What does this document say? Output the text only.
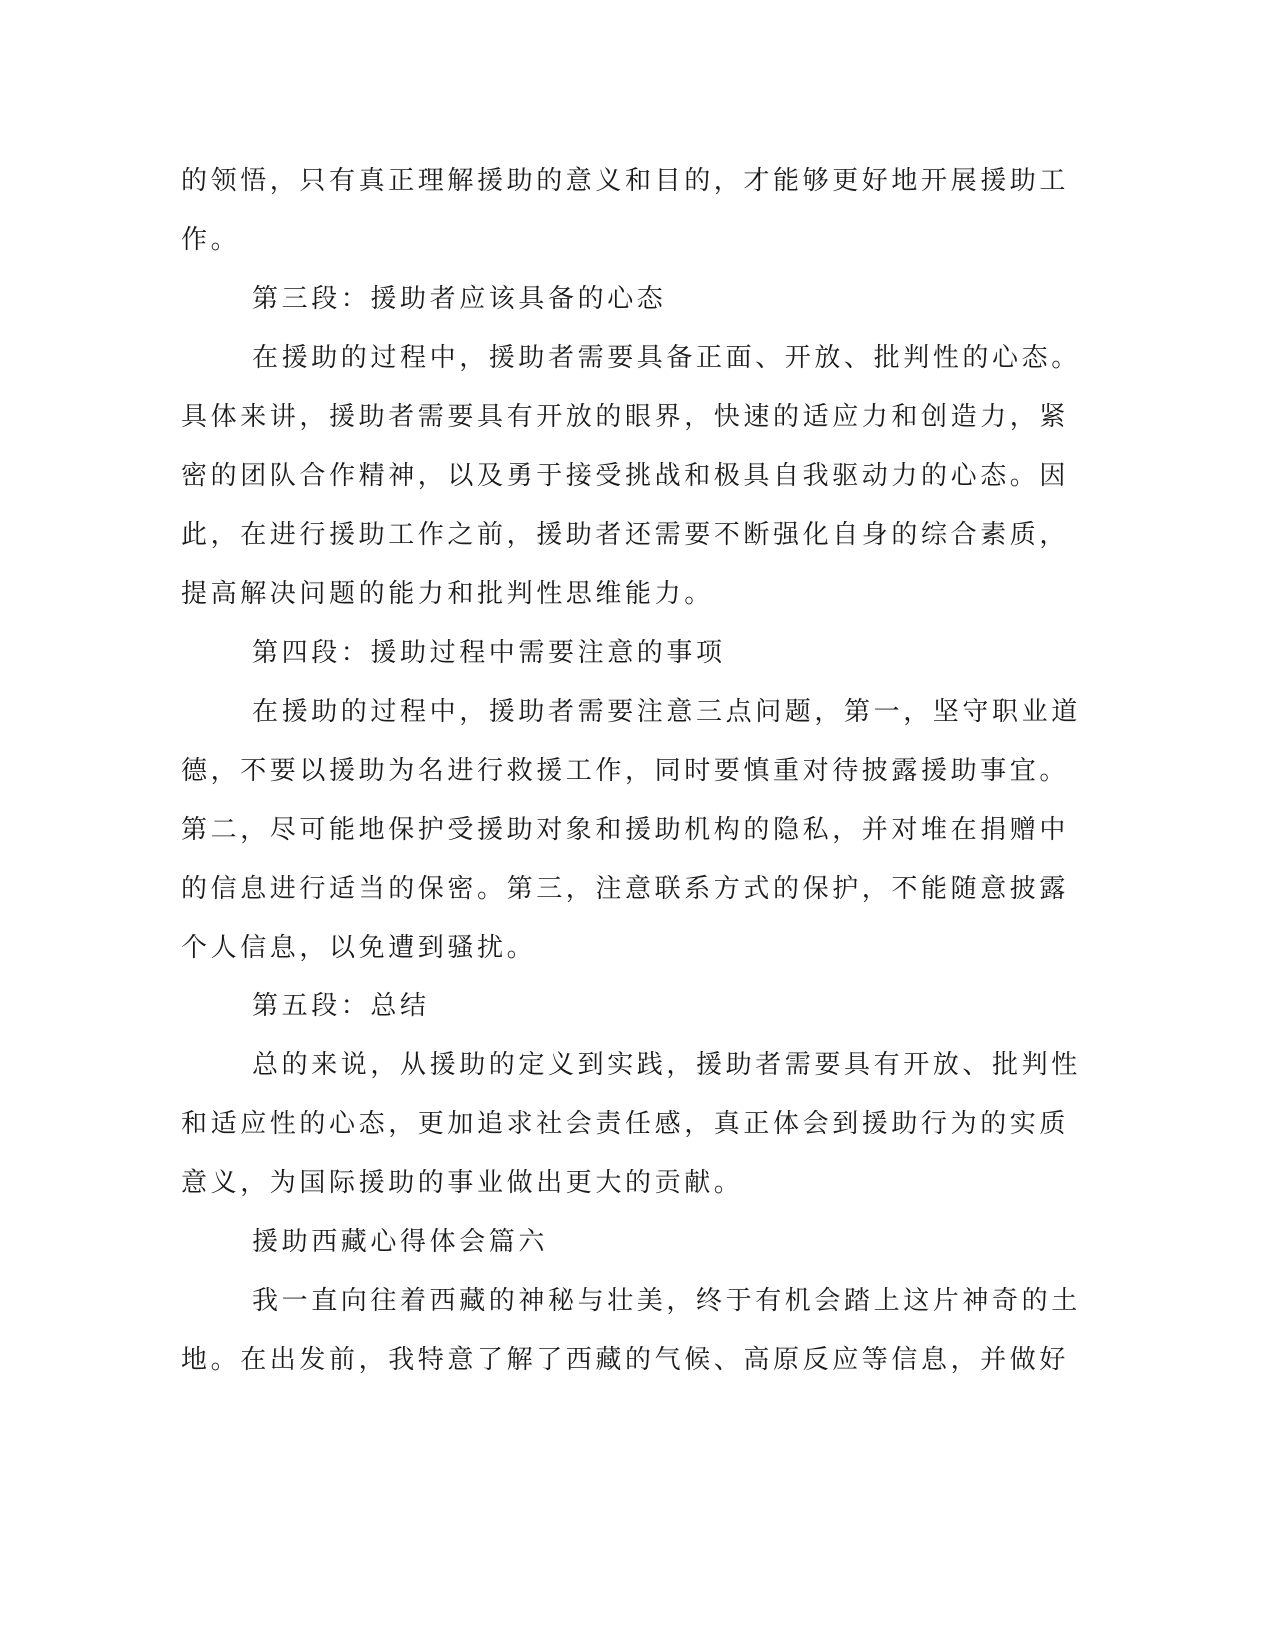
的领悟，只有真正理解援助的意义和目的，才能够更好地开展援助工
作。
第三段：援助者应该具备的心态
在援助的过程中，援助者需要具备正面、开放、批判性的心态。
具体来讲，援助者需要具有开放的眼界，快速的适应力和创造力，紧
密的团队合作精神，以及勇于接受挑战和极具自我驱动力的心态。因
此，在进行援助工作之前，援助者还需要不断强化自身的综合素质，
提高解决问题的能力和批判性思维能力。
第四段：援助过程中需要注意的事项
在援助的过程中，援助者需要注意三点问题，第一，坚守职业道
德，不要以援助为名进行救援工作，同时要慎重对待披露援助事宜。
第二，尽可能地保护受援助对象和援助机构的隐私，并对堆在捐赠中
的信息进行适当的保密。第三，注意联系方式的保护，不能随意披露
个人信息，以免遭到骚扰。
第五段：总结
总的来说，从援助的定义到实践，援助者需要具有开放、批判性
和适应性的心态，更加追求社会责任感，真正体会到援助行为的实质
意义，为国际援助的事业做出更大的贡献。
援助西藏心得体会篇六
我一直向往着西藏的神秘与壮美，终于有机会踏上这片神奇的土
地。在出发前，我特意了解了西藏的气候、高原反应等信息，并做好
